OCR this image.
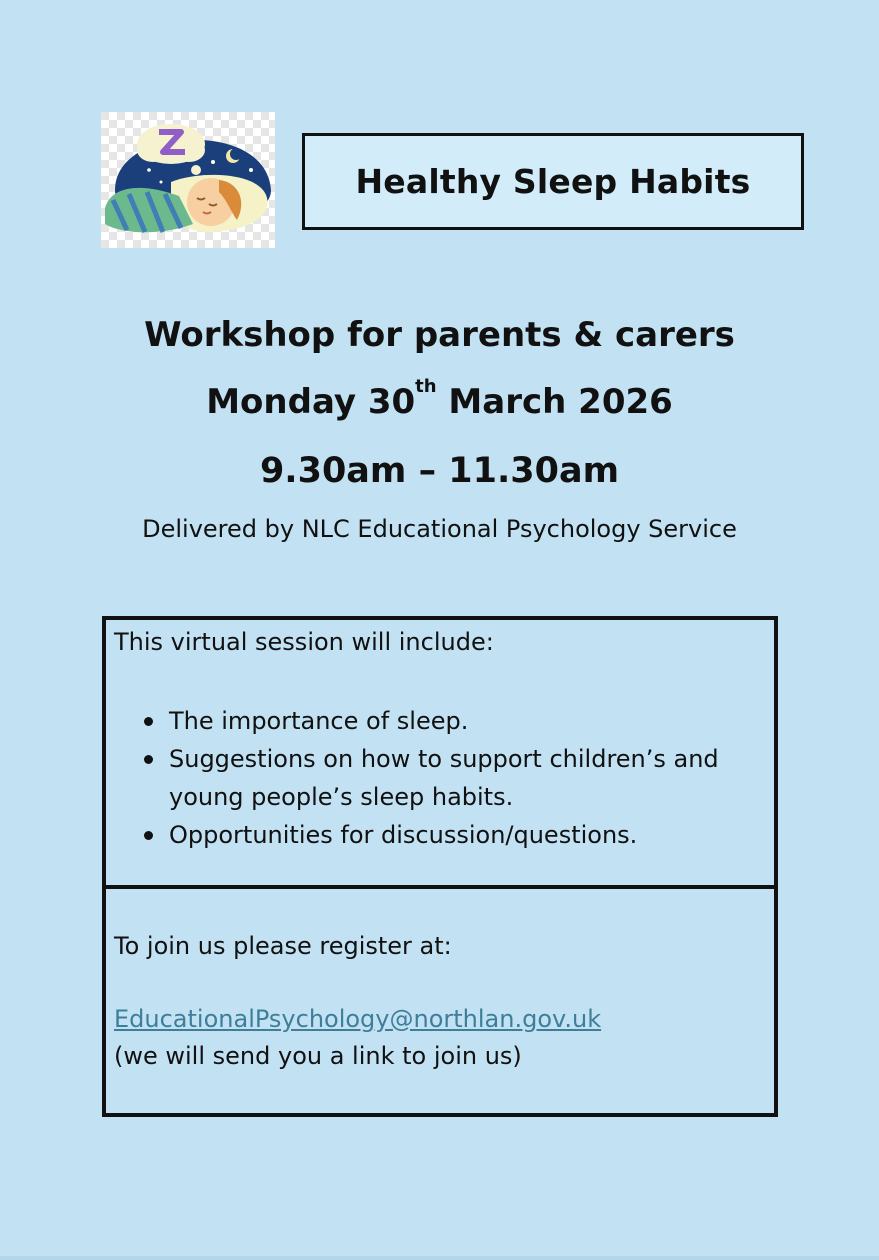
Healthy Sleep Habits
Workshop for parents & carers
Monday 30th March 2026
9.30am – 11.30am
Delivered by NLC Educational Psychology Service
This virtual session will include:
The importance of sleep.
Suggestions on how to support children’s and young people’s sleep habits.
Opportunities for discussion/questions.
To join us please register at:
EducationalPsychology@northlan.gov.uk
(we will send you a link to join us)
